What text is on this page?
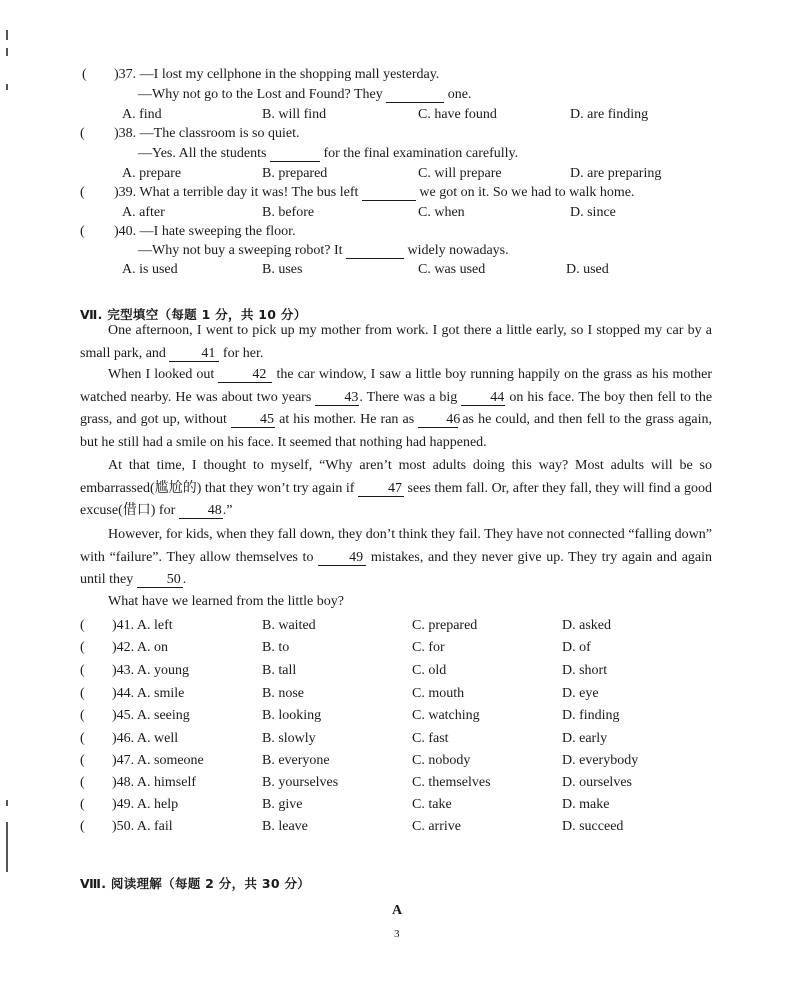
( )37. —I lost my cellphone in the shopping mall yesterday.
—Why not go to the Lost and Found? They	one.
A. find	B. will find	C. have found	D. are finding
( )38. —The classroom is so quiet.
—Yes. All the students	for the final examination carefully.
A. prepare	B. prepared	C. will prepare	D. are preparing
( )39. What a terrible day it was! The bus left	we got on it. So we had to walk home.
A. after	B. before	C. when	D. since
( )40. —I hate sweeping the floor.
—Why not buy a sweeping robot? It	widely nowadays.
A. is used	B. uses	C. was used	D. used
Ⅶ. 完型填空（每题 1 分，共 10 分）
One afternoon, I went to pick up my mother from work. I got there a little early, so I stopped my car by a small park, and	41 for her.
When I looked out	42 the car window, I saw a little boy running happily on the grass as his mother watched nearby. He was about two years 43. There was a big 44 on his face. The boy then fell to the grass, and got up, without 45 at his mother. He ran as 46 as he could, and then fell to the grass again, but he still had a smile on his face. It seemed that nothing had happened.
At that time, I thought to myself, “Why aren’t most adults doing this way? Most adults will be so embarrassed(尴尬的) that they won’t try again if 47 sees them fall. Or, after they fall, they will find a good excuse(借口) for 48.”
However, for kids, when they fall down, they don’t think they fail. They have not connected “falling down” with “failure”. They allow themselves to	49 mistakes, and they never give up. They try again and again until they 50 .
What have we learned from the little boy?
( )41. A. left	B. waited	C. prepared	D. asked
( )42. A. on	B. to	C. for	D. of
( )43. A. young	B. tall	C. old	D. short
( )44. A. smile	B. nose	C. mouth	D. eye
( )45. A. seeing	B. looking	C. watching	D. finding
( )46. A. well	B. slowly	C. fast	D. early
( )47. A. someone	B. everyone	C. nobody	D. everybody
( )48. A. himself	B. yourselves	C. themselves	D. ourselves
( )49. A. help	B. give	C. take	D. make
( )50. A. fail	B. leave	C. arrive	D. succeed
Ⅷ. 阅读理解（每题 2 分，共 30 分）
A
3
